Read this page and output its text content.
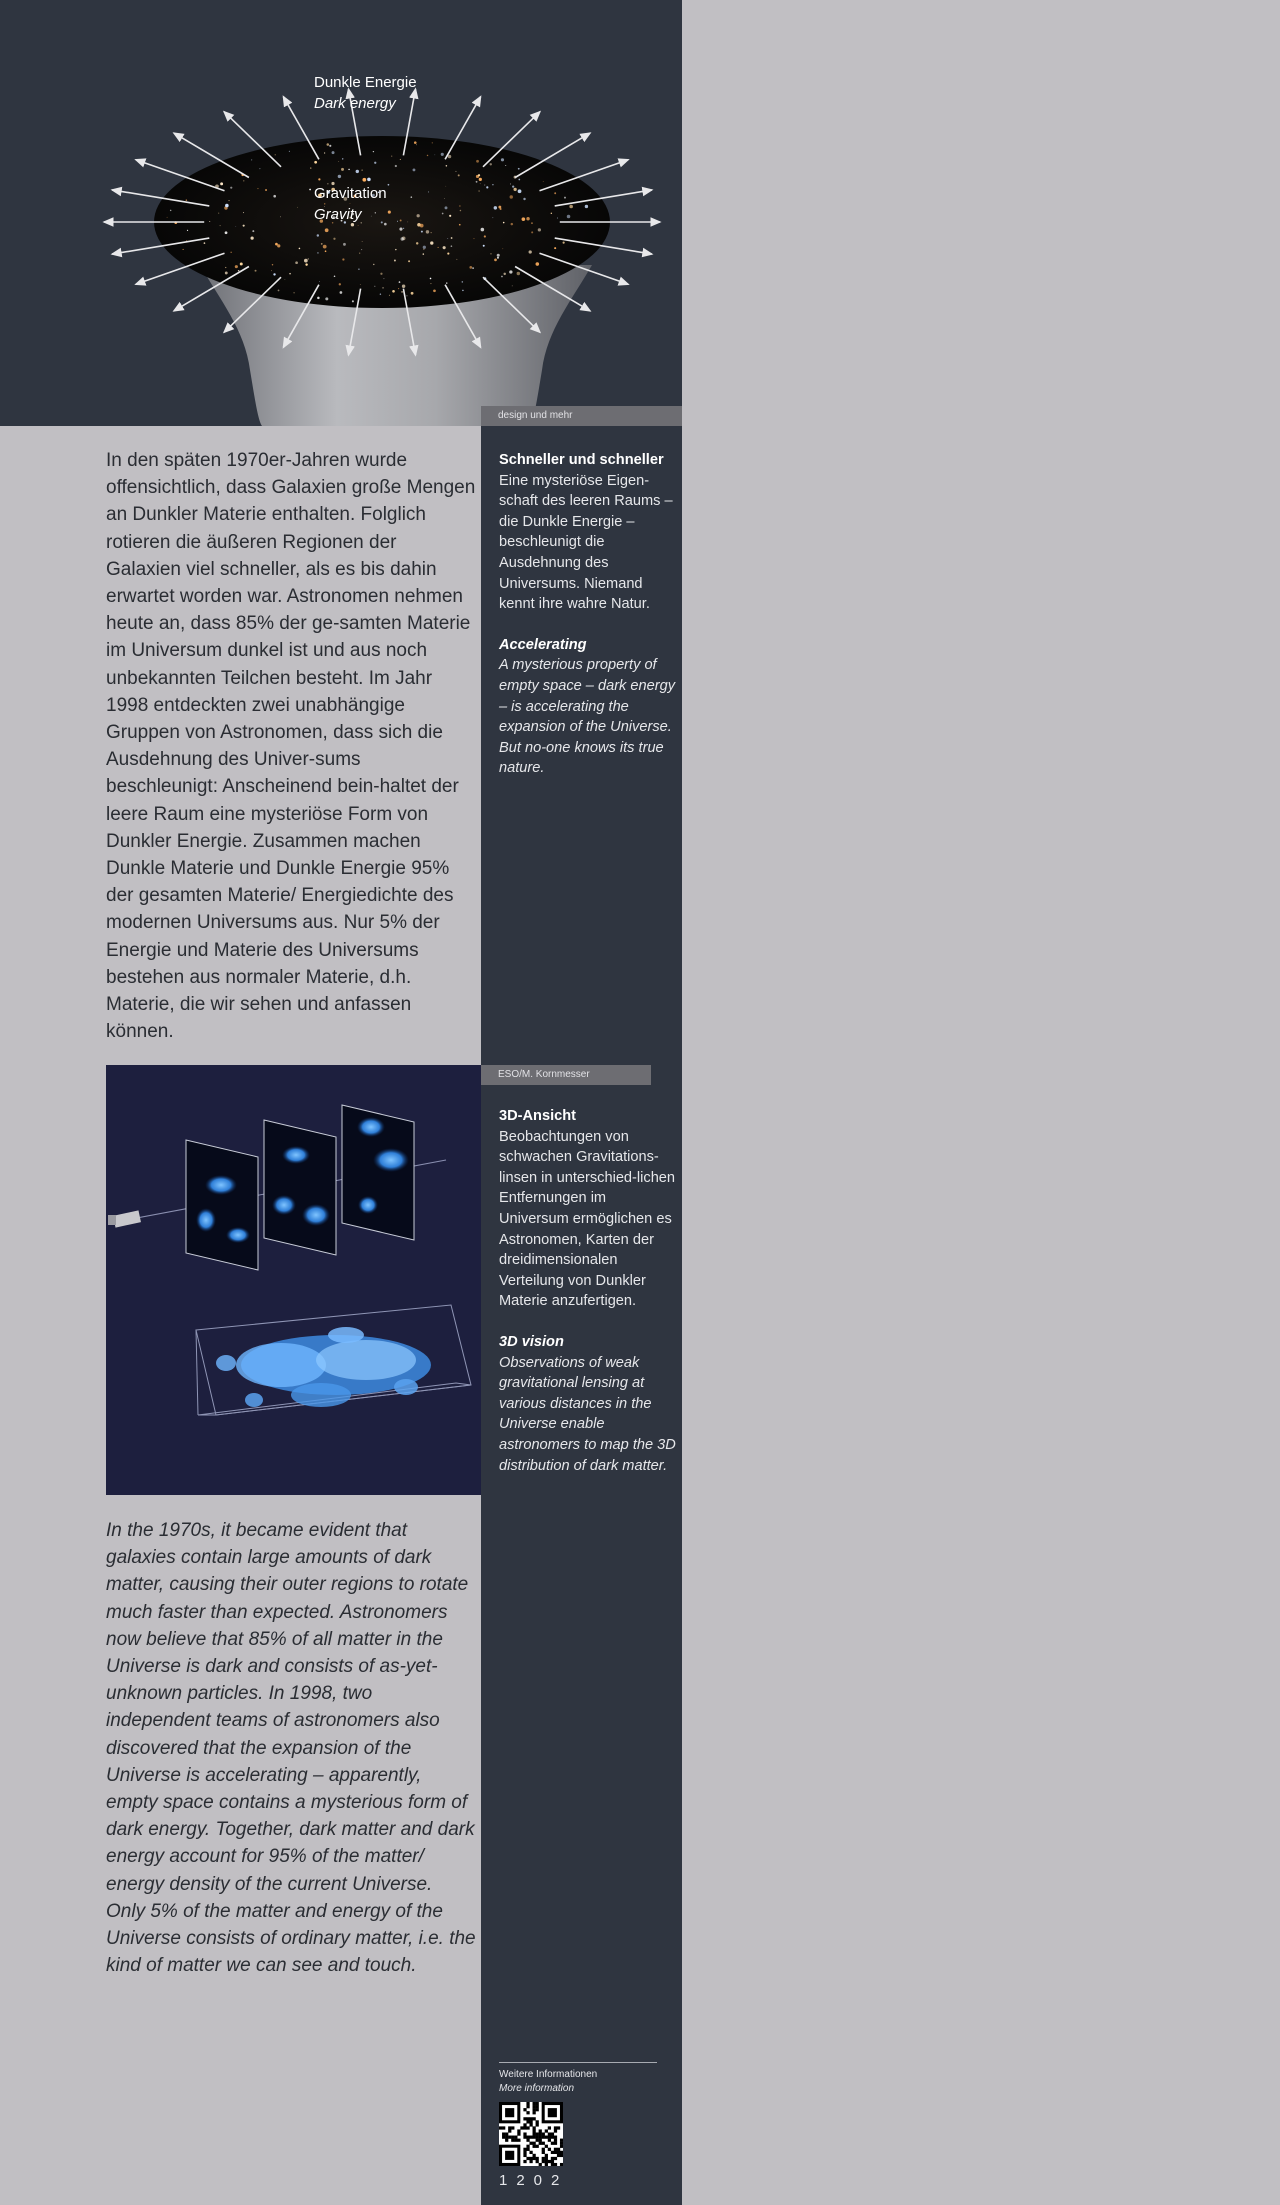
Dunkle Energie
Dark energy
Gravitation
Gravity
design und mehr

Schneller und schneller
Eine mysteriöse Eigen-schaft des leeren Raums – die Dunkle Energie – beschleunigt die Ausdehnung des Universums. Niemand kennt ihre wahre Natur.

Accelerating
A mysterious property of empty space – dark energy – is accelerating the expansion of the Universe. But no-one knows its true nature.

3D-Ansicht
Beobachtungen von schwachen Gravitations-linsen in unterschied-lichen Entfernungen im Universum ermöglichen es Astronomen, Karten der dreidimensionalen Verteilung von Dunkler Materie anzufertigen.

3D vision
Observations of weak gravitational lensing at various distances in the Universe enable astronomers to map the 3D distribution of dark matter.

ESO/M. Kornmesser
In den späten 1970er-Jahren wurde offensichtlich, dass Galaxien große Mengen an Dunkler Materie enthalten. Folglich rotieren die äußeren Regionen der Galaxien viel schneller, als es bis dahin erwartet worden war. Astronomen nehmen heute an, dass 85% der ge-samten Materie im Universum dunkel ist und aus noch unbekannten Teilchen besteht. Im Jahr 1998 entdeckten zwei unabhängige Gruppen von Astronomen, dass sich die Ausdehnung des Univer-sums beschleunigt: Anscheinend bein-haltet der leere Raum eine mysteriöse Form von Dunkler Energie. Zusammen machen Dunkle Materie und Dunkle Energie 95% der gesamten Materie/ Energiedichte des modernen Universums aus. Nur 5% der Energie und Materie des Universums bestehen aus normaler Materie, d.h. Materie, die wir sehen und anfassen können.
In the 1970s, it became evident that galaxies contain large amounts of dark matter, causing their outer regions to rotate much faster than expected. Astronomers now believe that 85% of all matter in the Universe is dark and consists of as-yet-unknown particles. In 1998, two independent teams of astronomers also discovered that the expansion of the Universe is accelerating – apparently, empty space contains a mysterious form of dark energy. Together, dark matter and dark energy account for 95% of the matter/ energy density of the current Universe. Only 5% of the matter and energy of the Universe consists of ordinary matter, i.e. the kind of matter we can see and touch.
Weitere Informationen
More information
1202
